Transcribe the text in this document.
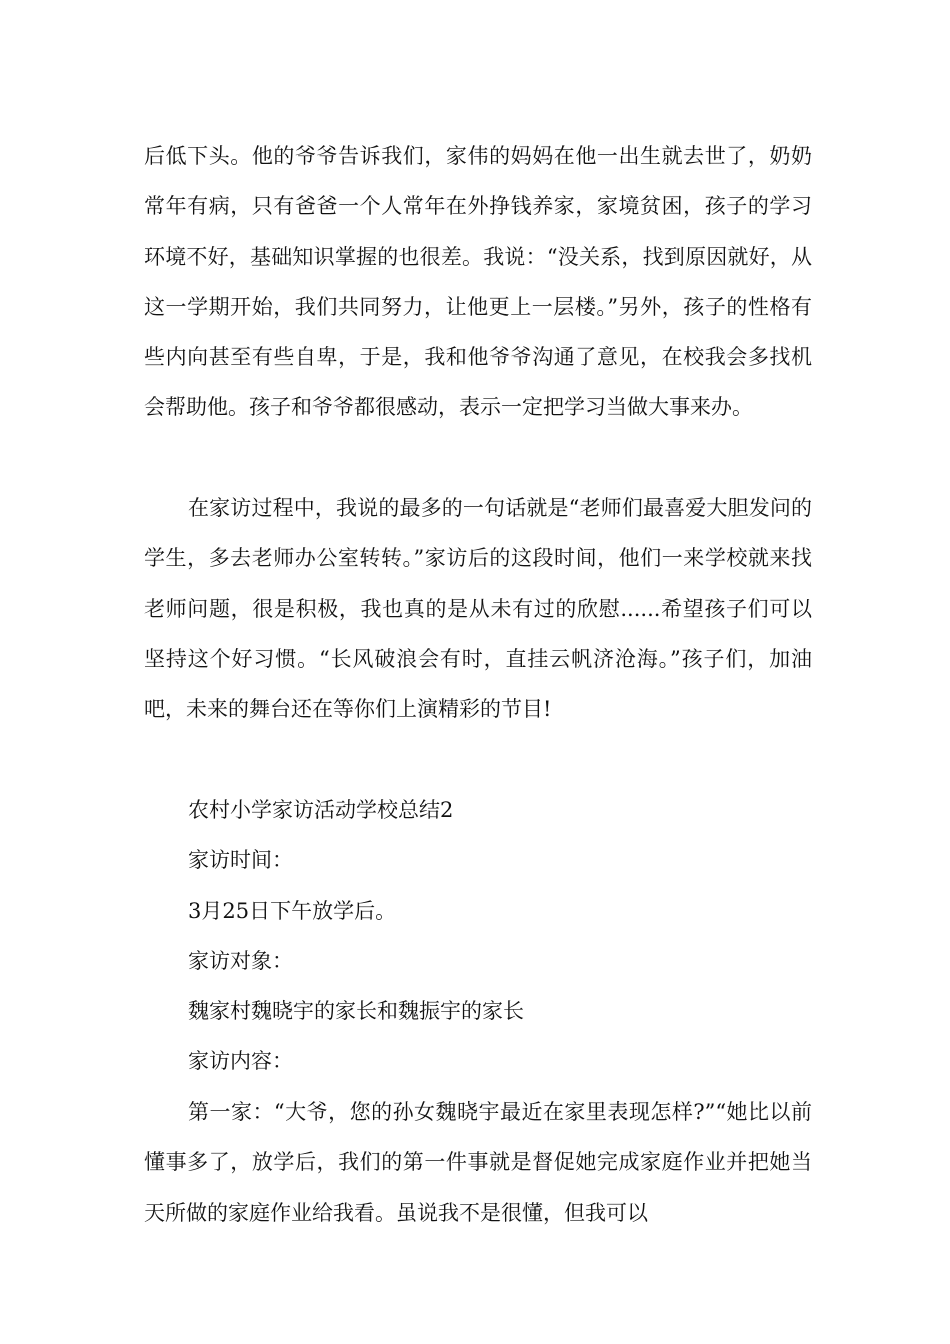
后低下头。他的爷爷告诉我们，家伟的妈妈在他一出生就去世了，奶奶常年有病，只有爸爸一个人常年在外挣钱养家，家境贫困，孩子的学习环境不好，基础知识掌握的也很差。我说：“没关系，找到原因就好，从这一学期开始，我们共同努力，让他更上一层楼。”另外，孩子的性格有些内向甚至有些自卑，于是，我和他爷爷沟通了意见，在校我会多找机会帮助他。孩子和爷爷都很感动，表示一定把学习当做大事来办。

在家访过程中，我说的最多的一句话就是“老师们最喜爱大胆发问的学生，多去老师办公室转转。”家访后的这段时间，他们一来学校就来找老师问题，很是积极，我也真的是从未有过的欣慰......希望孩子们可以坚持这个好习惯。“长风破浪会有时，直挂云帆济沧海。”孩子们，加油吧，未来的舞台还在等你们上演精彩的节目!

农村小学家访活动学校总结2

家访时间：

3月25日下午放学后。

家访对象：

魏家村魏晓宇的家长和魏振宇的家长

家访内容：

第一家：“大爷，您的孙女魏晓宇最近在家里表现怎样?”“她比以前懂事多了，放学后，我们的第一件事就是督促她完成家庭作业并把她当天所做的家庭作业给我看。虽说我不是很懂，但我可以
